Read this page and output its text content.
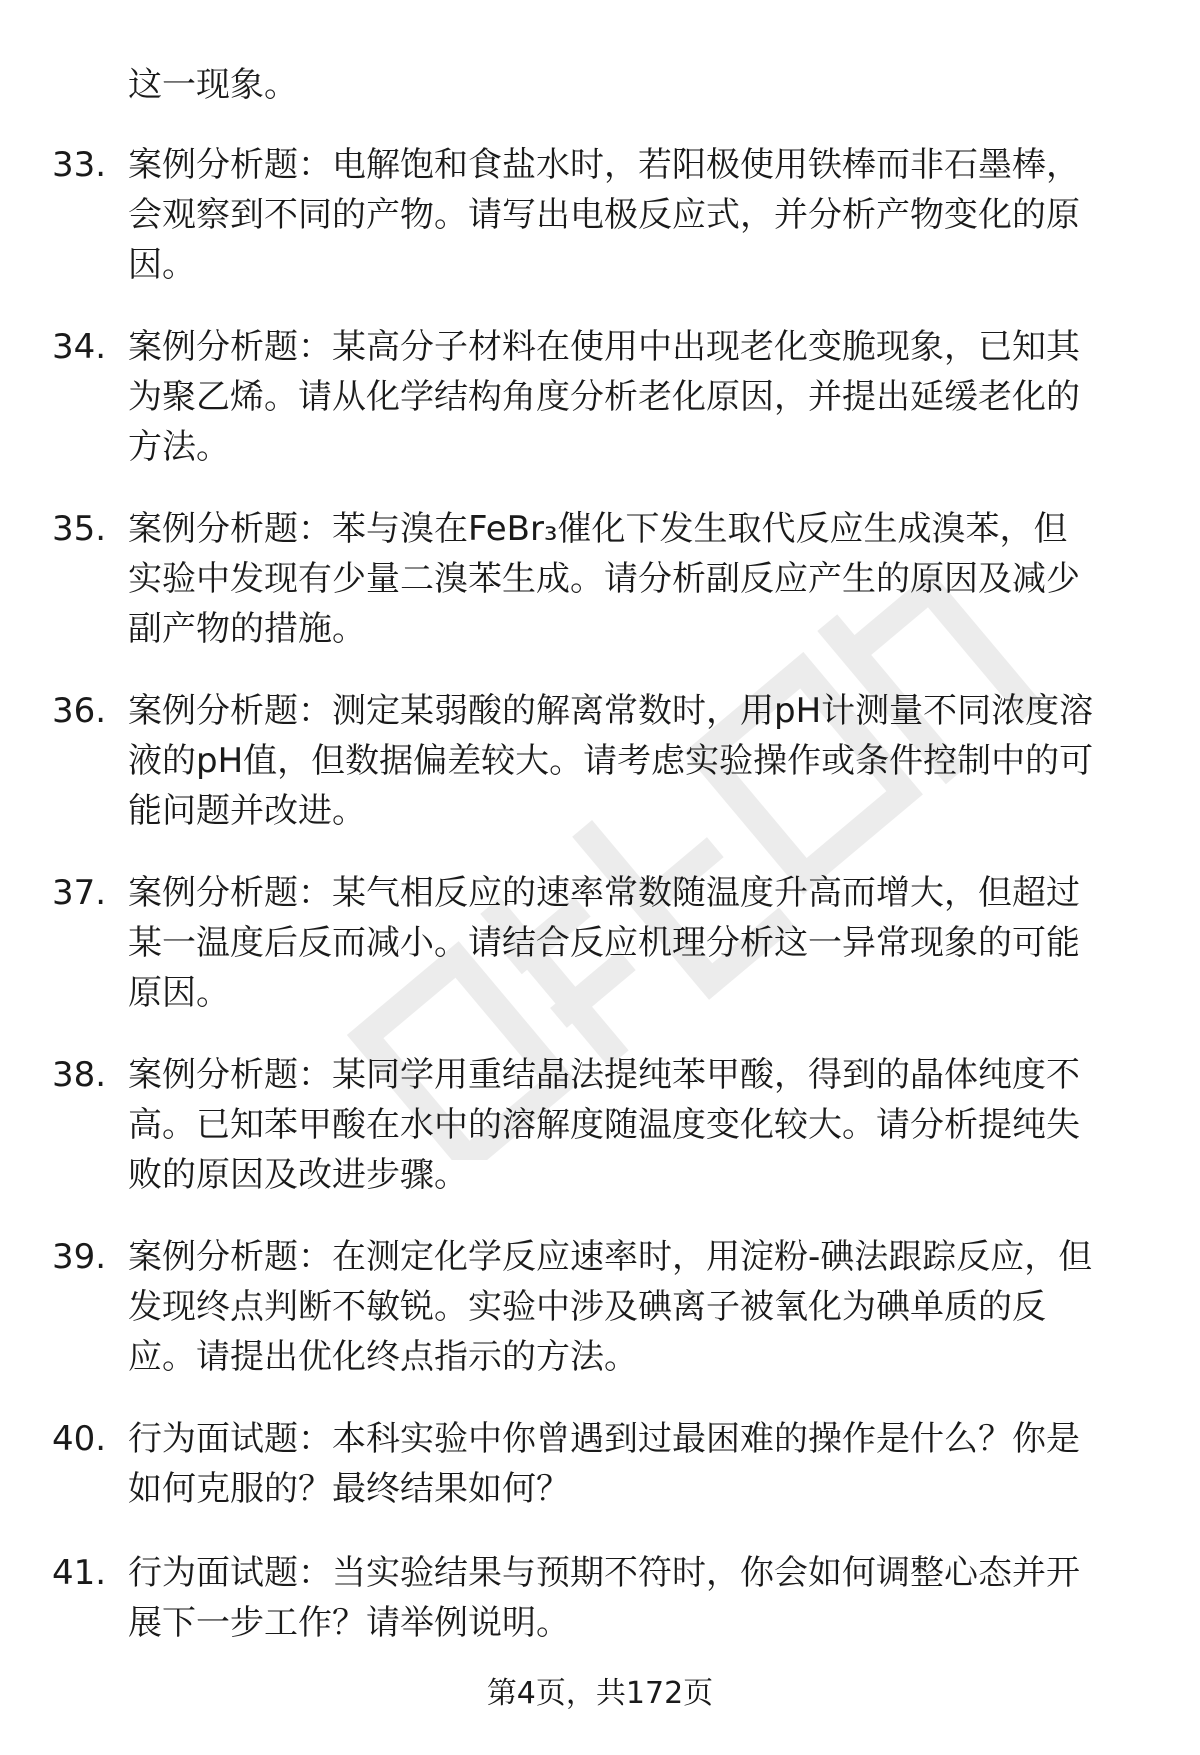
这一现象。
33. 案例分析题：电解饱和食盐水时，若阳极使用铁棒而非石墨棒，
会观察到不同的产物。请写出电极反应式，并分析产物变化的原
因。
34. 案例分析题：某高分子材料在使用中出现老化变脆现象，已知其
为聚乙烯。请从化学结构角度分析老化原因，并提出延缓老化的
方法。
35. 案例分析题：苯与溴在FeBr₃催化下发生取代反应生成溴苯，但
实验中发现有少量二溴苯生成。请分析副反应产生的原因及减少
副产物的措施。
36. 案例分析题：测定某弱酸的解离常数时，用pH计测量不同浓度溶
液的pH值，但数据偏差较大。请考虑实验操作或条件控制中的可
能问题并改进。
37. 案例分析题：某气相反应的速率常数随温度升高而增大，但超过
某一温度后反而减小。请结合反应机理分析这一异常现象的可能
原因。
38. 案例分析题：某同学用重结晶法提纯苯甲酸，得到的晶体纯度不
高。已知苯甲酸在水中的溶解度随温度变化较大。请分析提纯失
败的原因及改进步骤。
39. 案例分析题：在测定化学反应速率时，用淀粉-碘法跟踪反应，但
发现终点判断不敏锐。实验中涉及碘离子被氧化为碘单质的反
应。请提出优化终点指示的方法。
40. 行为面试题：本科实验中你曾遇到过最困难的操作是什么？你是
如何克服的？最终结果如何？
41. 行为面试题：当实验结果与预期不符时，你会如何调整心态并开
展下一步工作？请举例说明。
第4页，共172页
